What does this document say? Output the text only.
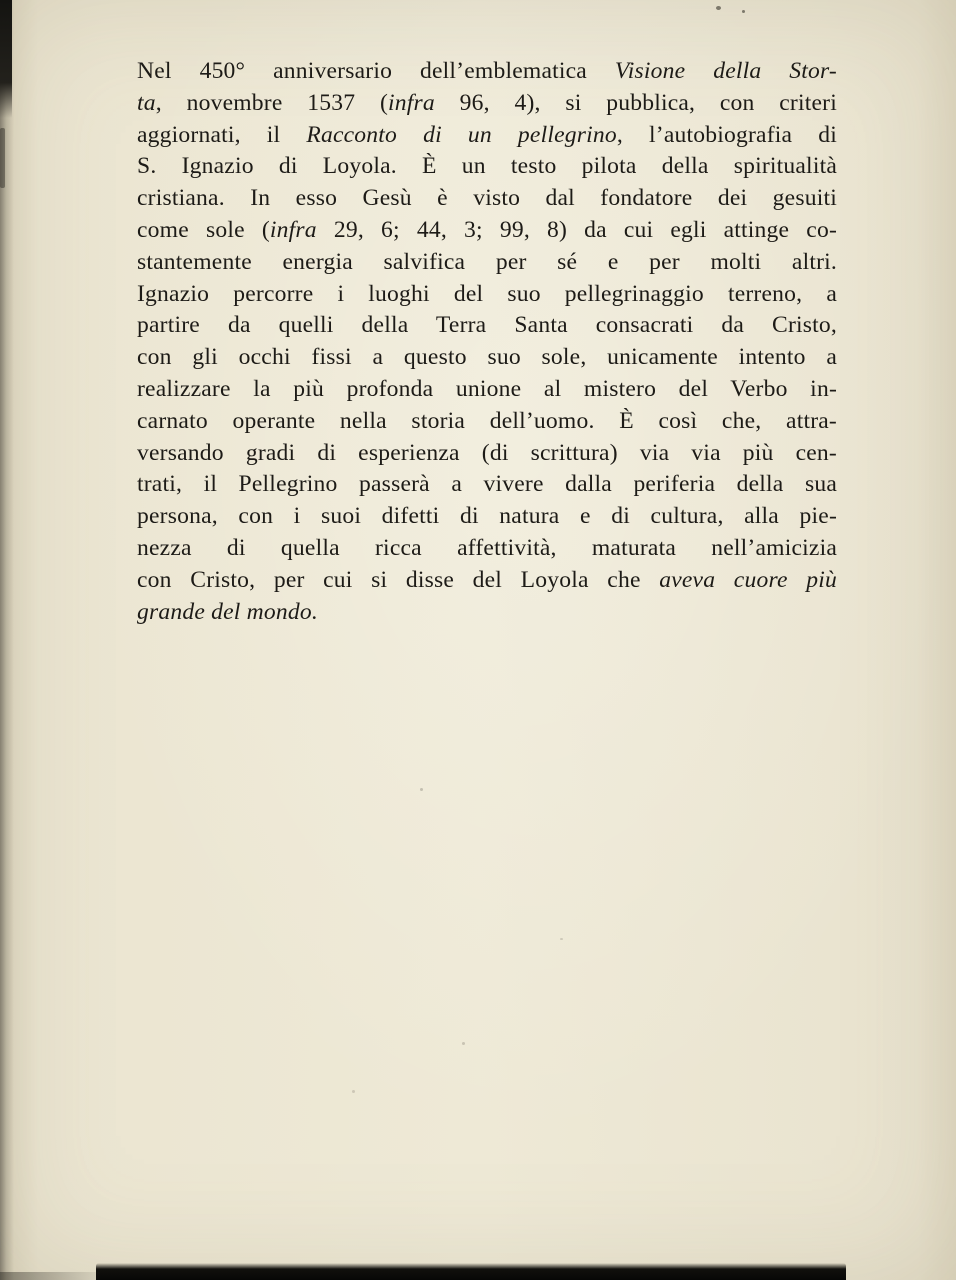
Nel 450° anniversario dell’emblematica Visione della Stor-
ta, novembre 1537 (infra 96, 4), si pubblica, con criteri
aggiornati, il Racconto di un pellegrino, l’autobiografia di
S. Ignazio di Loyola. È un testo pilota della spiritualità
cristiana. In esso Gesù è visto dal fondatore dei gesuiti
come sole (infra 29, 6; 44, 3; 99, 8) da cui egli attinge co-
stantemente energia salvifica per sé e per molti altri.
Ignazio percorre i luoghi del suo pellegrinaggio terreno, a
partire da quelli della Terra Santa consacrati da Cristo,
con gli occhi fissi a questo suo sole, unicamente intento a
realizzare la più profonda unione al mistero del Verbo in-
carnato operante nella storia dell’uomo. È così che, attra-
versando gradi di esperienza (di scrittura) via via più cen-
trati, il Pellegrino passerà a vivere dalla periferia della sua
persona, con i suoi difetti di natura e di cultura, alla pie-
nezza di quella ricca affettività, maturata nell’amicizia
con Cristo, per cui si disse del Loyola che aveva cuore più
grande del mondo.
